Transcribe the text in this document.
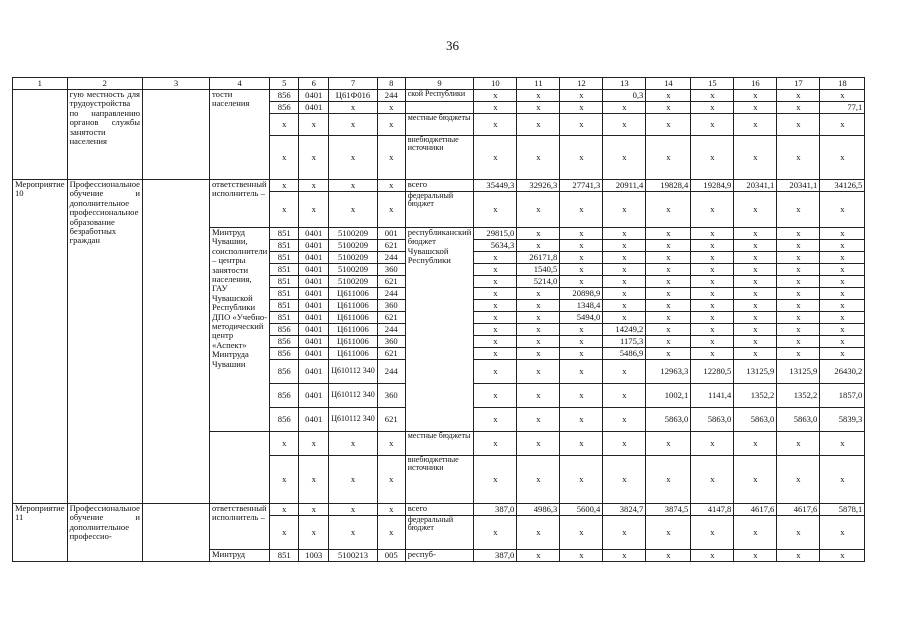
36
1	2	3	4	5	6	7	8	9	10	11	12	13	14	15	16	17	18
	гую местность для трудоустройства по направлению органов службы занятости населения		тости населения	856	0401	Ц61Ф016	244	ской Республики	x	x	x	0,3	x	x	x	x	x
				856	0401	x	x		x	x	x	x	x	x	x	x	77,1
				x	x	x	x	местные бюджеты	x	x	x	x	x	x	x	x	x
				x	x	x	x	внебюджетные источники	x	x	x	x	x	x	x	x	x
Мероприятие 10	Профессиональное обучение и дополнительное профессиональное образование безработных граждан		ответственный исполнитель –	x	x	x	x	всего	35449,3	32926,3	27741,3	20911,4	19828,4	19284,9	20341,1	20341,1	34126,5
				x	x	x	x	федеральный бюджет	x	x	x	x	x	x	x	x	x
			Минтруд Чувашии, соисполнители – центры занятости населения, ГАУ Чувашской Республики ДПО «Учебно-методический центр «Аспект» Минтруда Чувашии	851	0401	5100209	001	республиканский бюджет Чувашской Республики	29815,0	x	x	x	x	x	x	x	x
				851	0401	5100209	621		5634,3	x	x	x	x	x	x	x	x
				851	0401	5100209	244		x	26171,8	x	x	x	x	x	x	x
				851	0401	5100209	360		x	1540,5	x	x	x	x	x	x	x
				851	0401	5100209	621		x	5214,0	x	x	x	x	x	x	x
				851	0401	Ц611006	244		x	x	20898,9	x	x	x	x	x	x
				851	0401	Ц611006	360		x	x	1348,4	x	x	x	x	x	x
				851	0401	Ц611006	621		x	x	5494,0	x	x	x	x	x	x
				856	0401	Ц611006	244		x	x	x	14249,2	x	x	x	x	x
				856	0401	Ц611006	360		x	x	x	1175,3	x	x	x	x	x
				856	0401	Ц611006	621		x	x	x	5486,9	x	x	x	x	x
				856	0401	Ц610112 340	244		x	x	x	x	12963,3	12280,5	13125,9	13125,9	26430,2
				856	0401	Ц610112 340	360		x	x	x	x	1002,1	1141,4	1352,2	1352,2	1857,0
				856	0401	Ц610112 340	621		x	x	x	x	5863,0	5863,0	5863,0	5863,0	5839,3
				x	x	x	x	местные бюджеты	x	x	x	x	x	x	x	x	x
				x	x	x	x	внебюджетные источники	x	x	x	x	x	x	x	x	x
Мероприятие 11	Профессиональное обучение и дополнительное профессио-		ответственный исполнитель –	x	x	x	x	всего	387,0	4986,3	5600,4	3824,7	3874,5	4147,8	4617,6	4617,6	5878,1
				x	x	x	x	федеральный бюджет	x	x	x	x	x	x	x	x	x
			Минтруд	851	1003	5100213	005	респуб-	387,0	x	x	x	x	x	x	x	x
